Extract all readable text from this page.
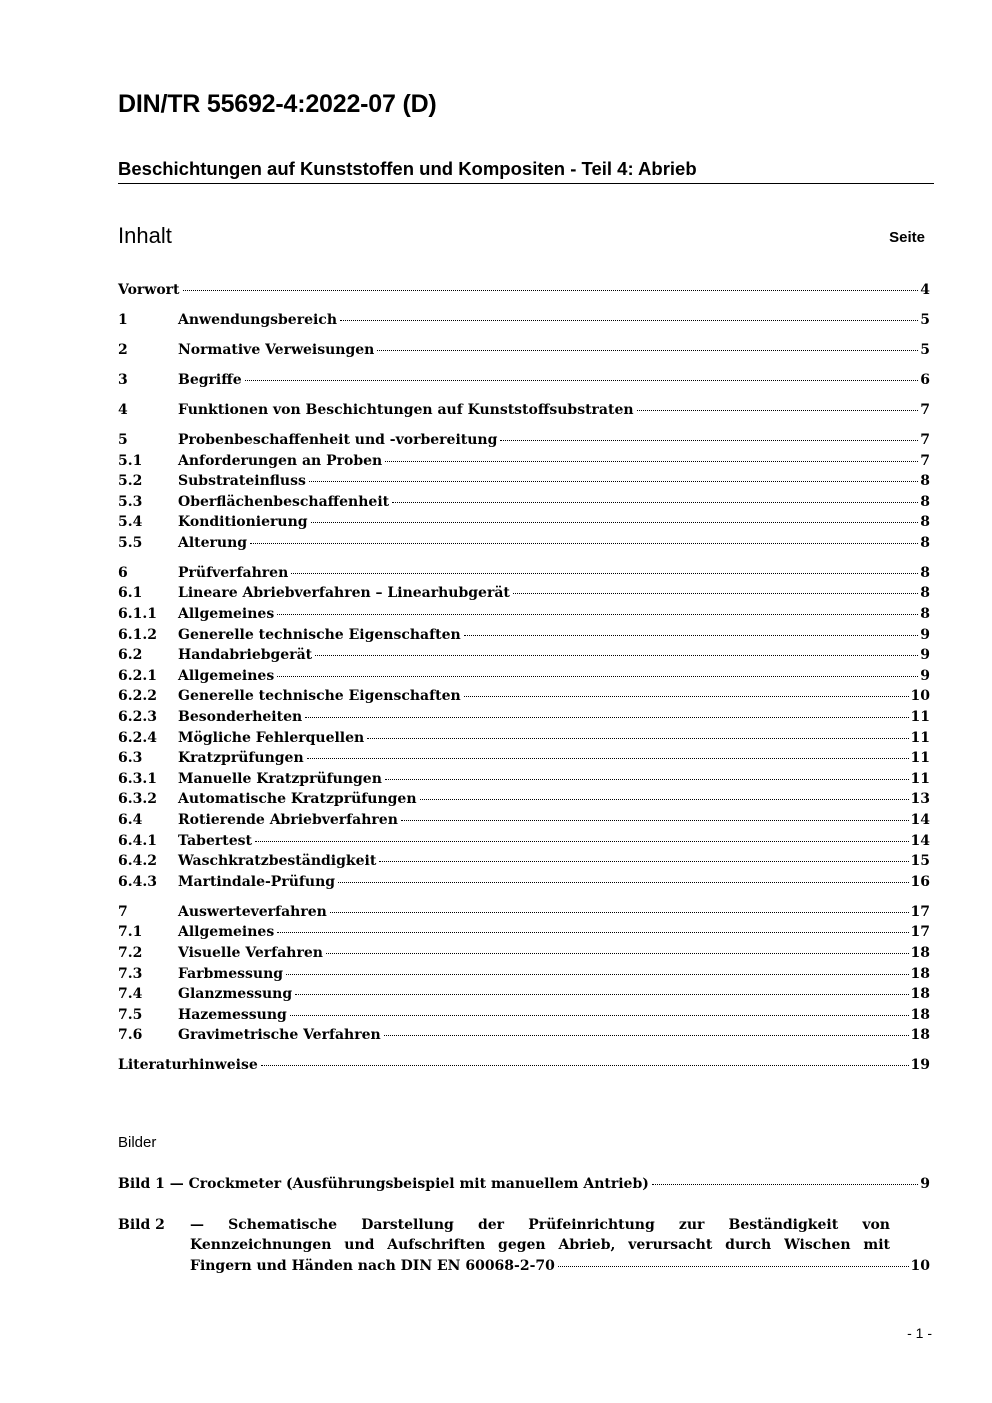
DIN/TR 55692-4:2022-07 (D)
Beschichtungen auf Kunststoffen und Kompositen - Teil 4: Abrieb
Inhalt	Seite
Vorwort	4
1	Anwendungsbereich	5
2	Normative Verweisungen	5
3	Begriffe	6
4	Funktionen von Beschichtungen auf Kunststoffsubstraten	7
5	Probenbeschaffenheit und -vorbereitung	7
5.1	Anforderungen an Proben	7
5.2	Substrateinfluss	8
5.3	Oberflächenbeschaffenheit	8
5.4	Konditionierung	8
5.5	Alterung	8
6	Prüfverfahren	8
6.1	Lineare Abriebverfahren – Linearhubgerät	8
6.1.1	Allgemeines	8
6.1.2	Generelle technische Eigenschaften	9
6.2	Handabriebgerät	9
6.2.1	Allgemeines	9
6.2.2	Generelle technische Eigenschaften	10
6.2.3	Besonderheiten	11
6.2.4	Mögliche Fehlerquellen	11
6.3	Kratzprüfungen	11
6.3.1	Manuelle Kratzprüfungen	11
6.3.2	Automatische Kratzprüfungen	13
6.4	Rotierende Abriebverfahren	14
6.4.1	Tabertest	14
6.4.2	Waschkratzbeständigkeit	15
6.4.3	Martindale-Prüfung	16
7	Auswerteverfahren	17
7.1	Allgemeines	17
7.2	Visuelle Verfahren	18
7.3	Farbmessung	18
7.4	Glanzmessung	18
7.5	Hazemessung	18
7.6	Gravimetrische Verfahren	18
Literaturhinweise	19
Bilder
Bild 1 — Crockmeter (Ausführungsbeispiel mit manuellem Antrieb)	9
Bild 2	— Schematische Darstellung der Prüfeinrichtung zur Beständigkeit von
Kennzeichnungen und Aufschriften gegen Abrieb, verursacht durch Wischen mit
Fingern und Händen nach DIN EN 60068-2-70	10
- 1 -
